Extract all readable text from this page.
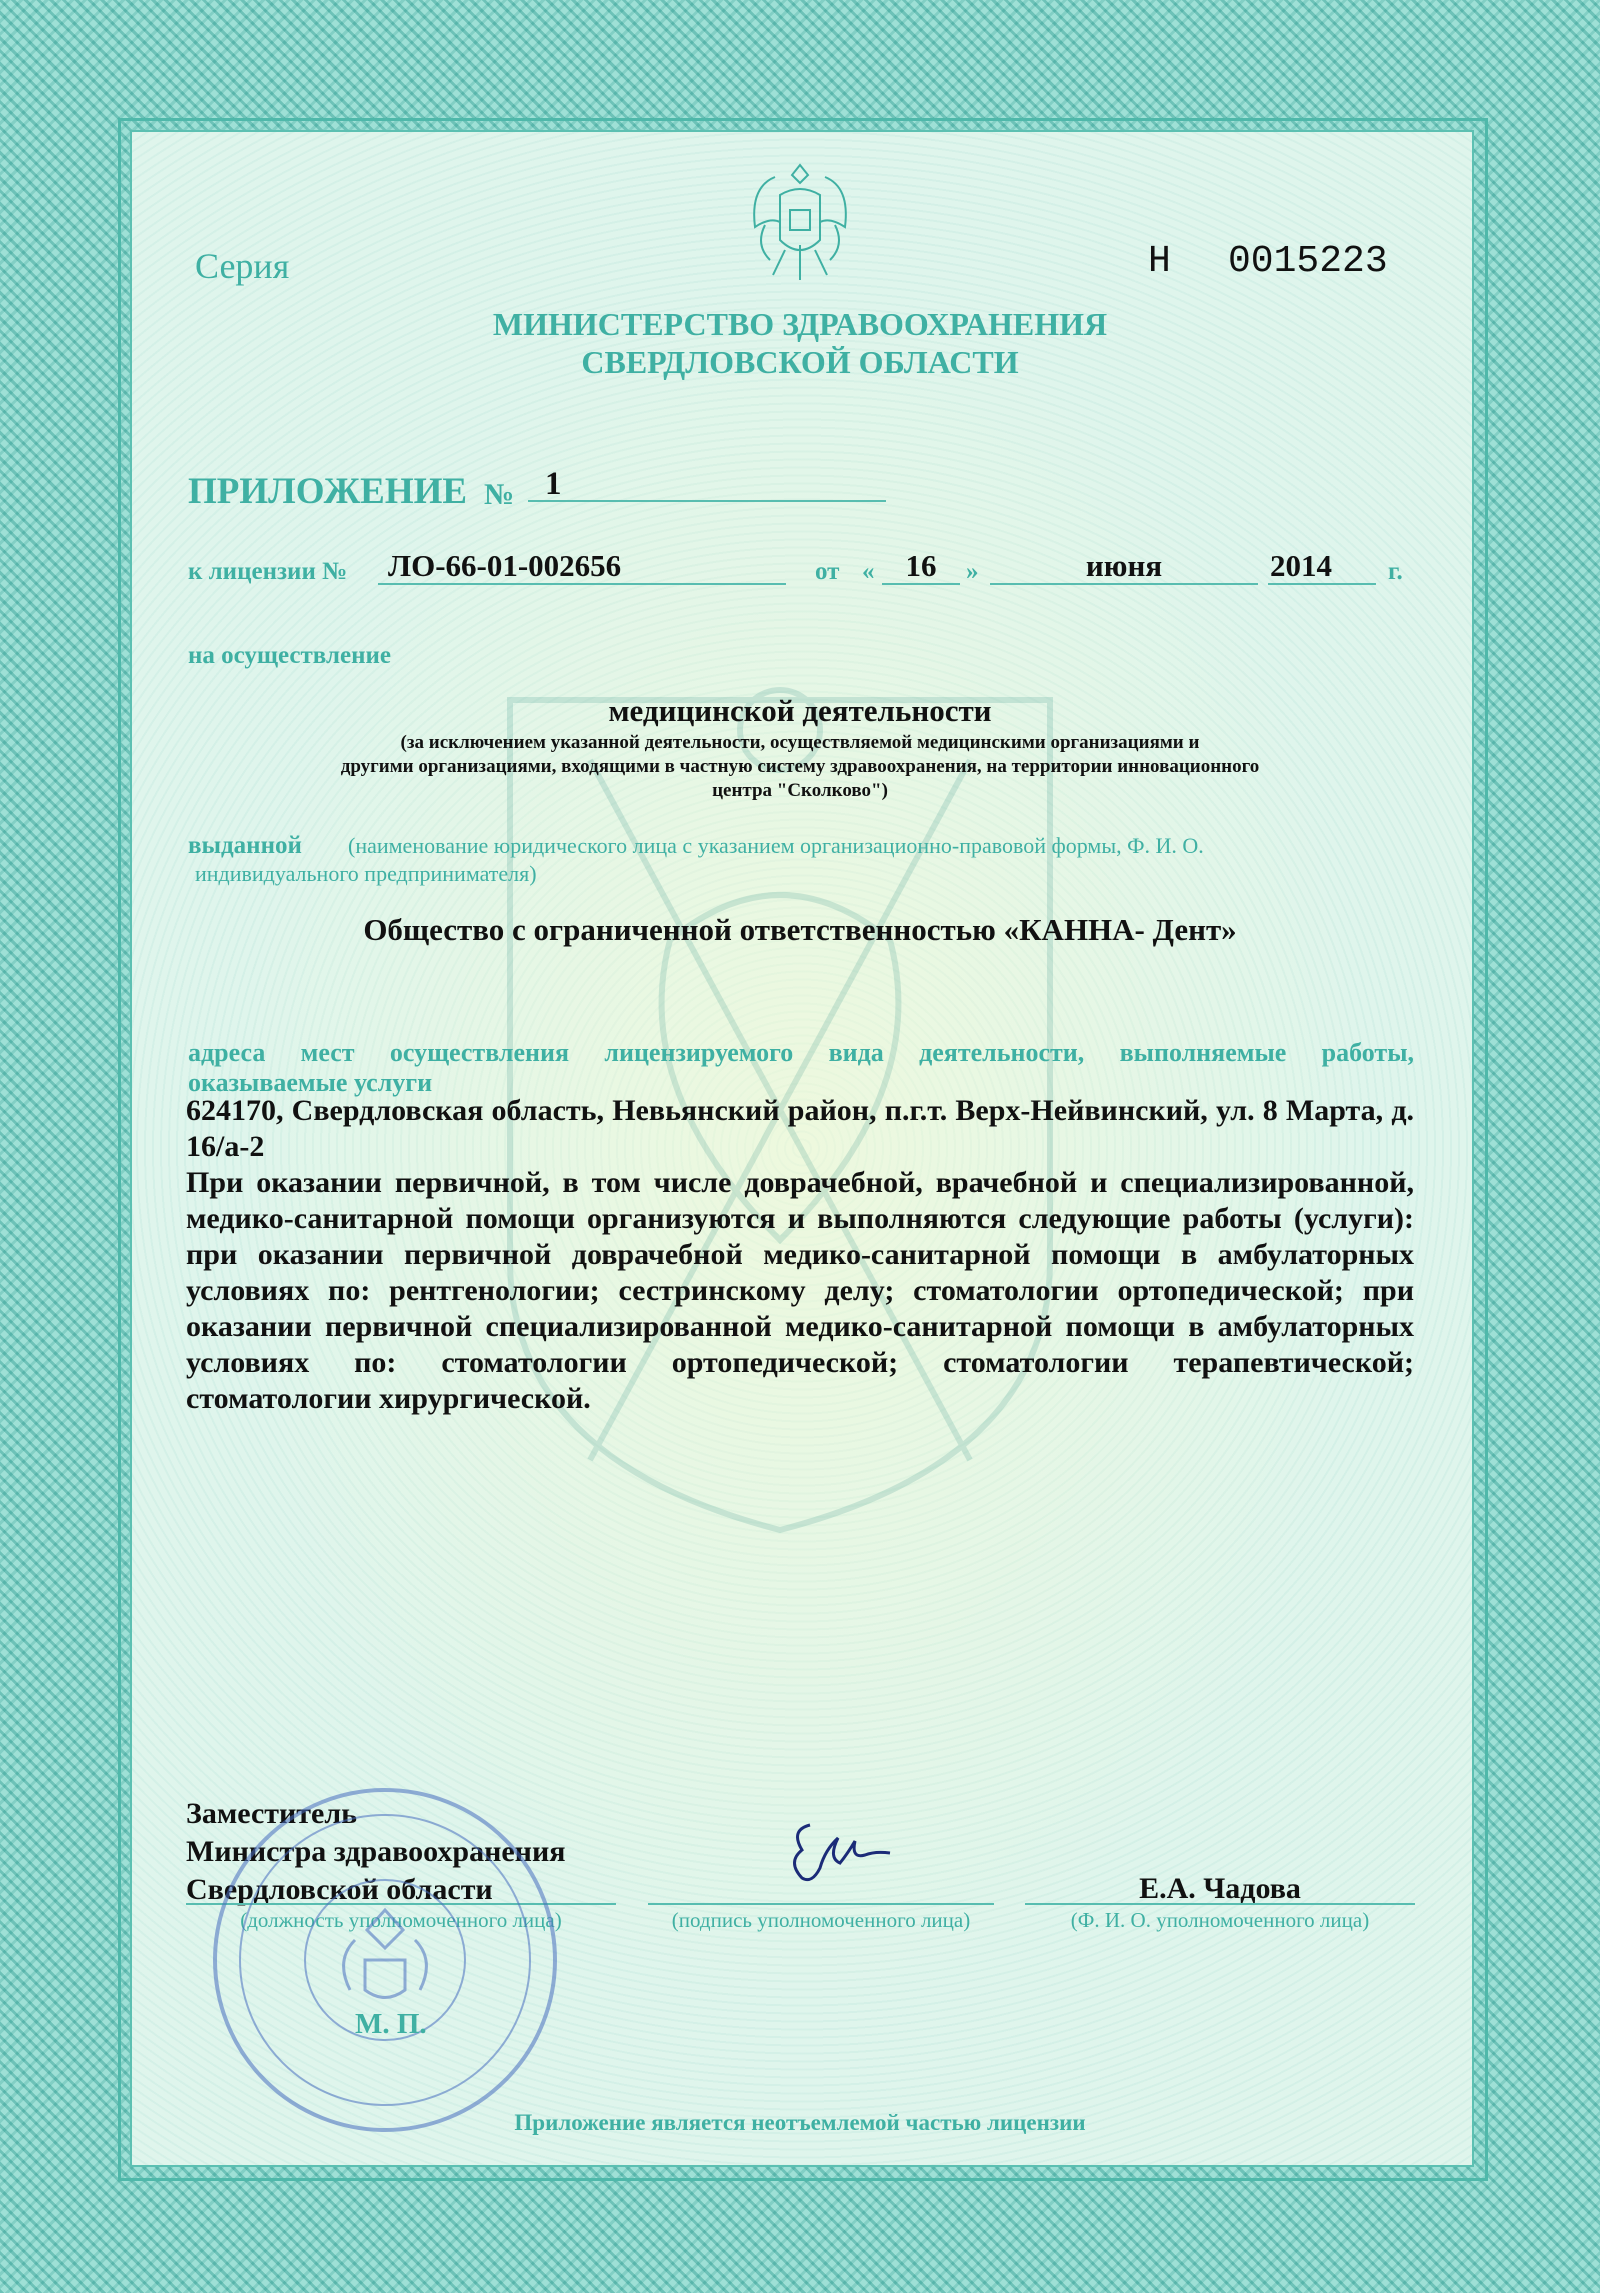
Серия	Н 0015223
МИНИСТЕРСТВО ЗДРАВООХРАНЕНИЯ
СВЕРДЛОВСКОЙ ОБЛАСТИ
ПРИЛОЖЕНИЕ № 1
к лицензии № ЛО-66-01-002656	от «	16	»	июня	2014 г.
на осуществление
медицинской деятельности
(за исключением указанной деятельности, осуществляемой медицинскими организациями и
другими организациями, входящими в частную систему здравоохранения, на территории инновационного
центра "Сколково")
выданной (наименование юридического лица с указанием организационно-правовой формы, Ф. И. О.
индивидуального предпринимателя)
Общество с ограниченной ответственностью «КАННА- Дент»
адреса мест осуществления лицензируемого вида деятельности, выполняемые работы,
оказываемые услуги

624170, Свердловская область, Невьянский район, п.г.т. Верх-Нейвинский, ул. 8 Марта, д. 16/а-2

При оказании первичной, в том числе доврачебной, врачебной и специализированной, медико-санитарной помощи организуются и выполняются следующие работы (услуги): при оказании первичной доврачебной медико-санитарной помощи в амбулаторных условиях по: рентгенологии; сестринскому делу; стоматологии ортопедической; при оказании первичной специализированной медико-санитарной помощи в амбулаторных условиях по: стоматологии ортопедической; стоматологии терапевтической; стоматологии хирургической.

Заместитель
Министра здравоохранения
Свердловской области
(должность уполномоченного лица)	(подпись уполномоченного лица)
Е.А. Чадова
(Ф. И. О. уполномоченного лица)
М. П.
Приложение является неотъемлемой частью лицензии
